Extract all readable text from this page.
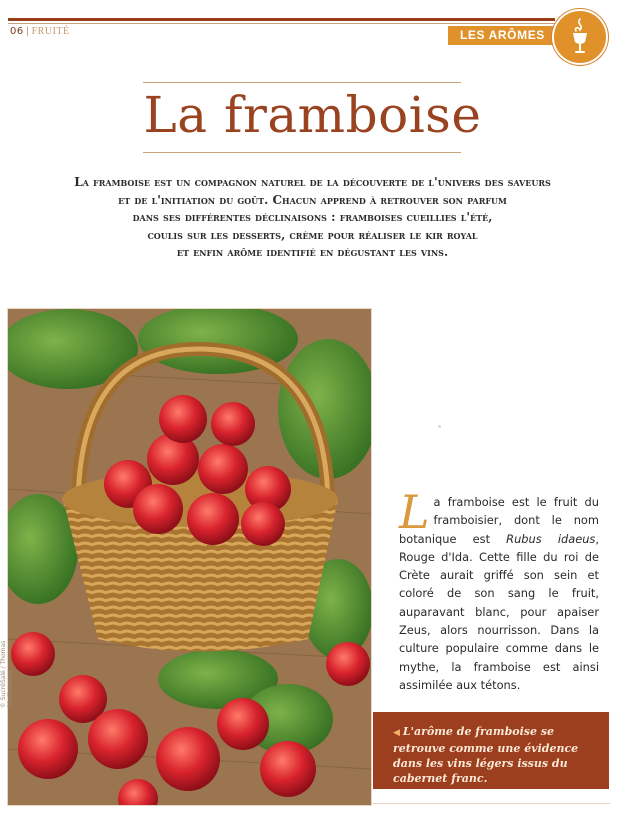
06 | FRUITÉ	LES ARÔMES
La framboise
La framboise est un compagnon naturel de la découverte de l'univers des saveurs
et de l'initiation du goût. Chacun apprend à retrouver son parfum
dans ses différentes déclinaisons : framboises cueillies l'été,
coulis sur les desserts, crème pour réaliser le kir royal
et enfin arôme identifié en dégustant les vins.
© SucréSalé / Thomas Dhellemmes
La framboise est le fruit du framboisier, dont le nom botanique est Rubus idaeus, Rouge d'Ida. Cette fille du roi de Crète aurait griffé son sein et coloré de son sang le fruit, auparavant blanc, pour apaiser Zeus, alors nourrisson. Dans la culture populaire comme dans le mythe, la framboise est ainsi assimilée aux tétons.
◀ L'arôme de framboise se retrouve comme une évidence dans les vins légers issus du cabernet franc.
